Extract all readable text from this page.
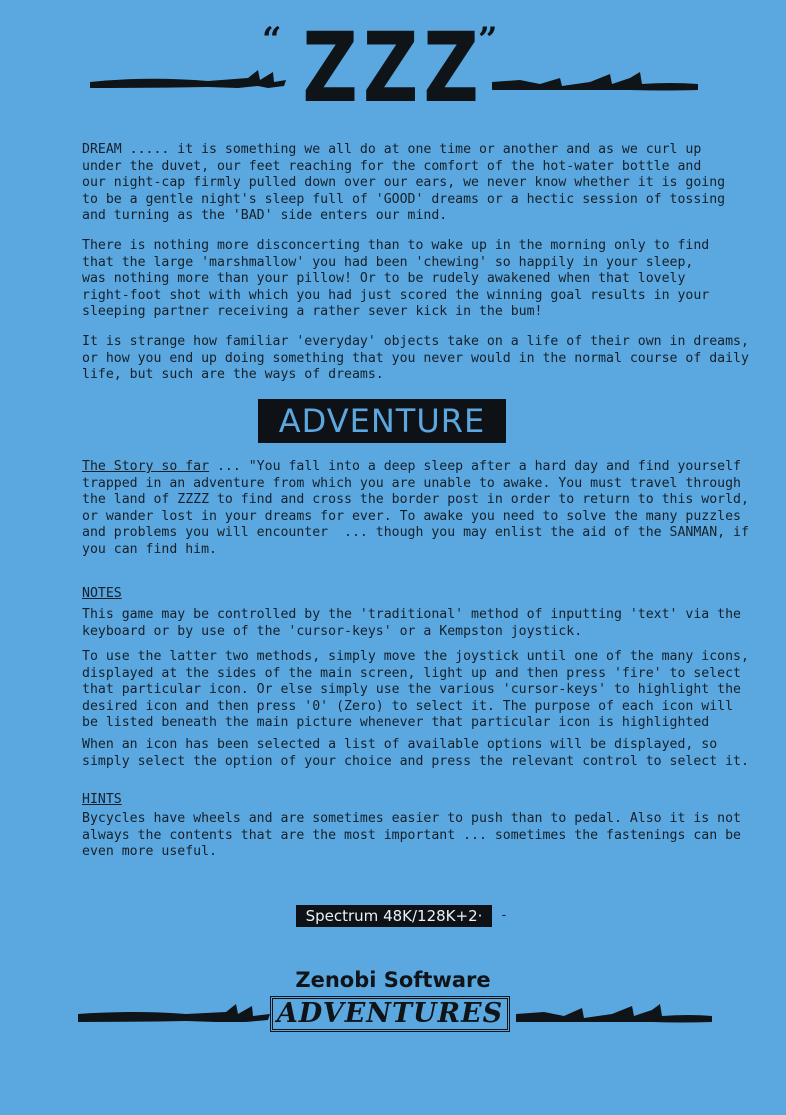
“ ZZZ
”
DREAM ..... it is something we all do at one time or another and as we curl up
under the duvet, our feet reaching for the comfort of the hot-water bottle and
our night-cap firmly pulled down over our ears, we never know whether it is going
to be a gentle night's sleep full of 'GOOD' dreams or a hectic session of tossing
and turning as the 'BAD' side enters our mind.
There is nothing more disconcerting than to wake up in the morning only to find
that the large 'marshmallow' you had been 'chewing' so happily in your sleep,
was nothing more than your pillow! Or to be rudely awakened when that lovely
right-foot shot with which you had just scored the winning goal results in your
sleeping partner receiving a rather sever kick in the bum!
It is strange how familiar 'everyday' objects take on a life of their own in dreams,
or how you end up doing something that you never would in the normal course of daily
life, but such are the ways of dreams.
ADVENTURE
The Story so far ... "You fall into a deep sleep after a hard day and find yourself
trapped in an adventure from which you are unable to awake. You must travel through
the land of ZZZZ to find and cross the border post in order to return to this world,
or wander lost in your dreams for ever. To awake you need to solve the many puzzles
and problems you will encounter  ... though you may enlist the aid of the SANMAN, if
you can find him.
NOTES
This game may be controlled by the 'traditional' method of inputting 'text' via the
keyboard or by use of the 'cursor-keys' or a Kempston joystick.
To use the latter two methods, simply move the joystick until one of the many icons,
displayed at the sides of the main screen, light up and then press 'fire' to select
that particular icon. Or else simply use the various 'cursor-keys' to highlight the
desired icon and then press '0' (Zero) to select it. The purpose of each icon will
be listed beneath the main picture whenever that particular icon is highlighted
When an icon has been selected a list of available options will be displayed, so
simply select the option of your choice and press the relevant control to select it.
HINTS
Bycycles have wheels and are sometimes easier to push than to pedal. Also it is not
always the contents that are the most important ... sometimes the fastenings can be
even more useful.
Spectrum 48K/128K+2·	-
Zenobi Software
ADVENTURES
